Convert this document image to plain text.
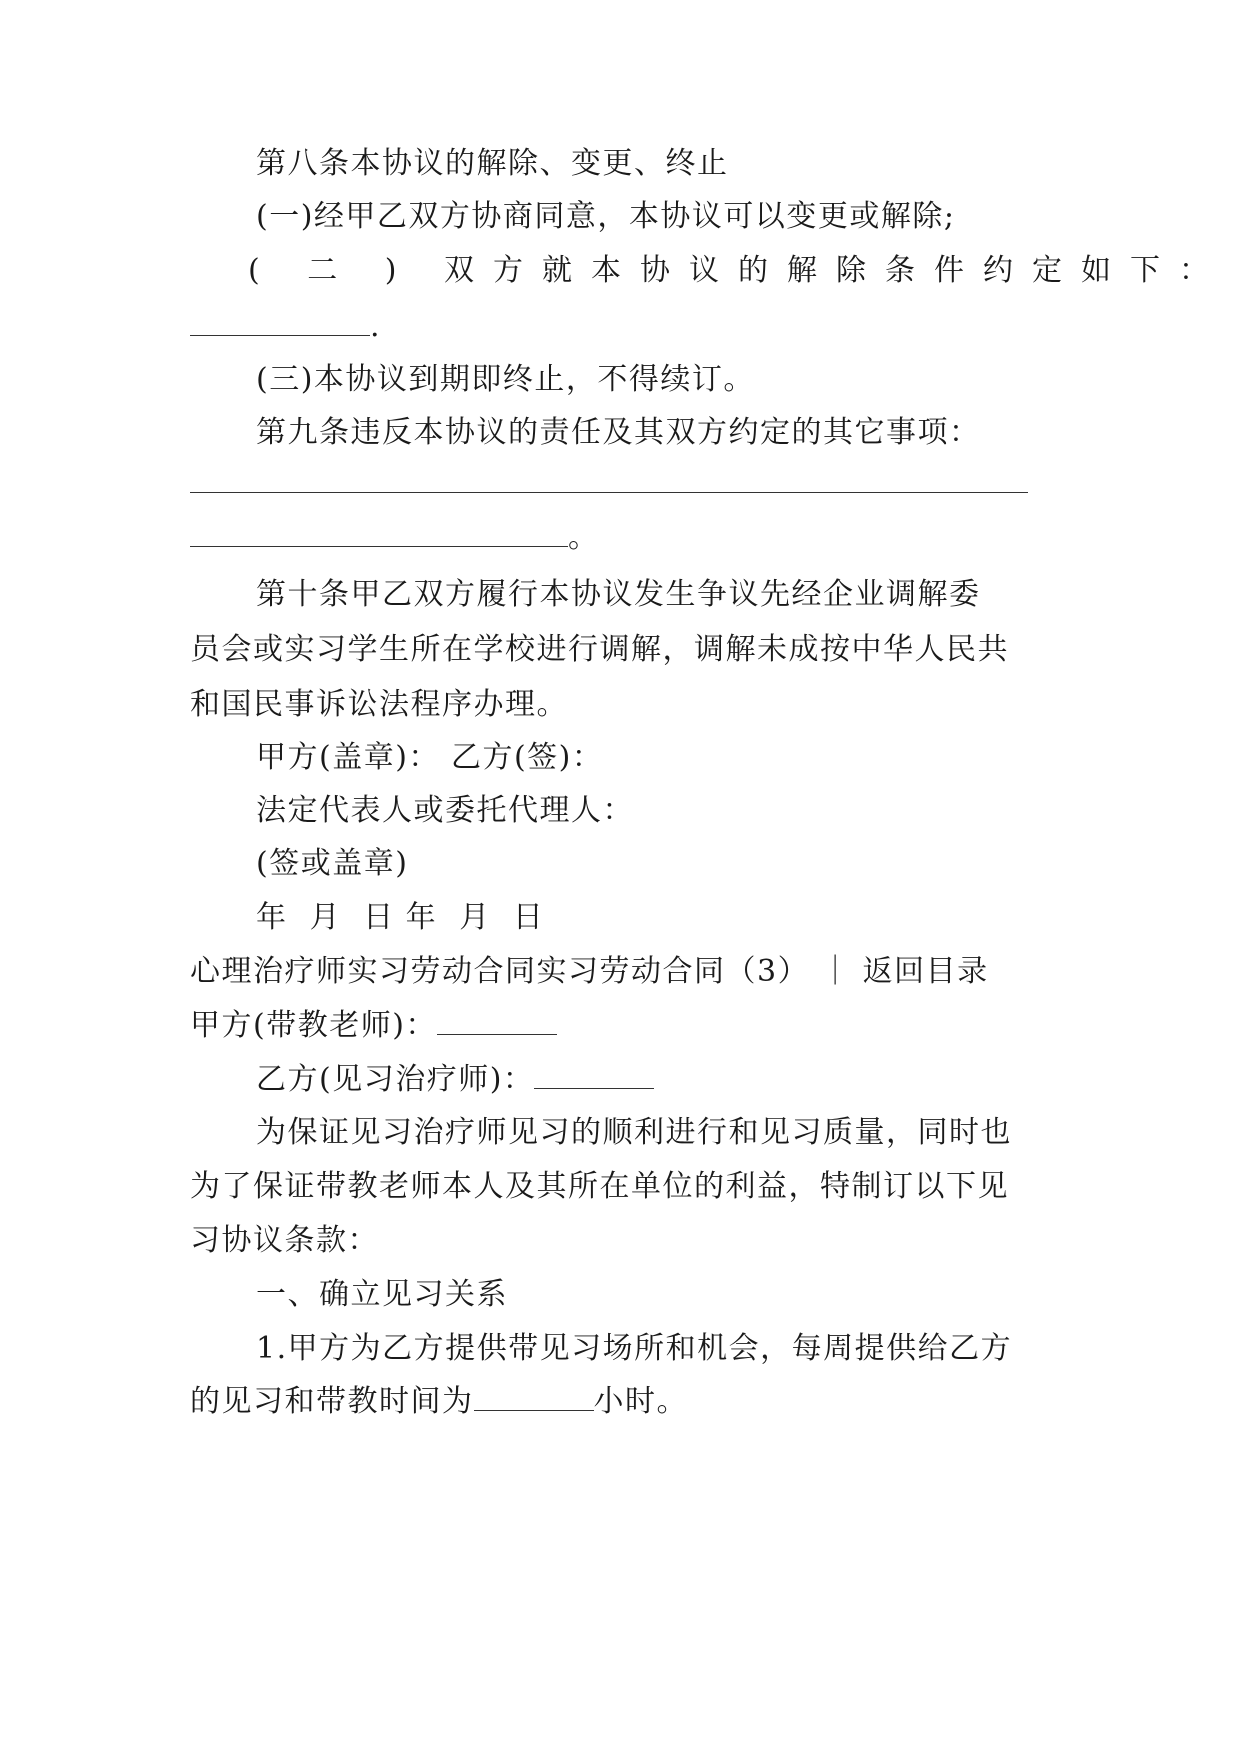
第八条本协议的解除、变更、终止
(一)经甲乙双方协商同意，本协议可以变更或解除;
( 二 ) 双方就本协议的解除条件约定如下：
.
(三)本协议到期即终止，不得续订。
第九条违反本协议的责任及其双方约定的其它事项：
。
第十条甲乙双方履行本协议发生争议先经企业调解委
员会或实习学生所在学校进行调解，调解未成按中华人民共
和国民事诉讼法程序办理。
甲方(盖章)： 乙方(签)：
法定代表人或委托代理人：
(签或盖章)
年  月  日 年  月  日
心理治疗师实习劳动合同实习劳动合同（3） ｜ 返回目录
甲方(带教老师)：
乙方(见习治疗师)：
为保证见习治疗师见习的顺利进行和见习质量，同时也
为了保证带教老师本人及其所在单位的利益，特制订以下见
习协议条款：
一、确立见习关系
1.甲方为乙方提供带见习场所和机会，每周提供给乙方
的见习和带教时间为	小时。
